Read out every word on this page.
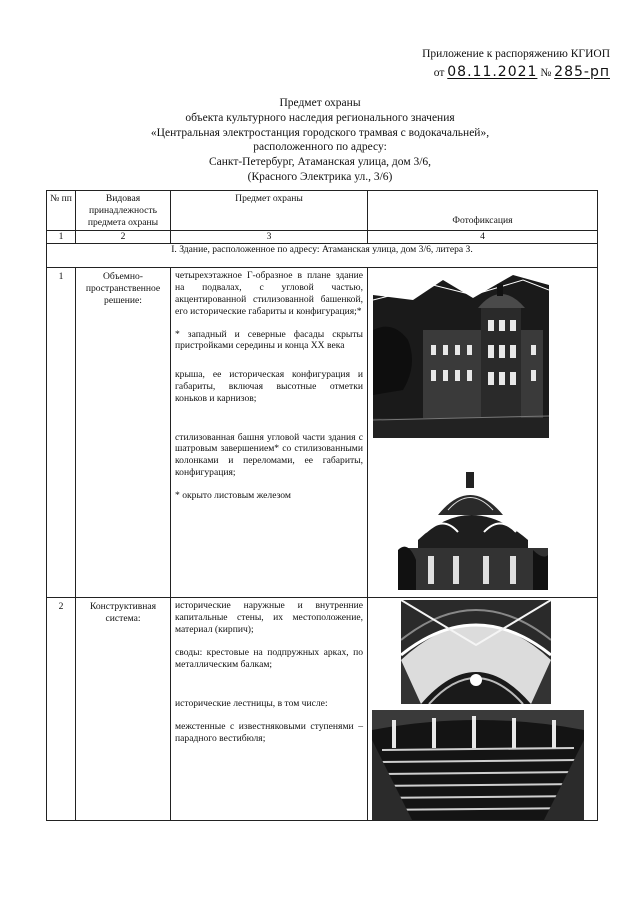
Приложение к распоряжению КГИОП
от 08.11.2021 № 285-рп
Предмет охраны
объекта культурного наследия регионального значения
«Центральная электростанция городского трамвая с водокачальней»,
расположенного по адресу:
Санкт-Петербург, Атаманская улица, дом 3/6,
(Красного Электрика ул., 3/6)
№ пп	Видовая принадлежность предмета охраны	Предмет охраны	Фотофиксация
1	2	3	4
I. Здание, расположенное по адресу: Атаманская улица, дом 3/6, литера З.			
1	Объемно-пространственное решение:	четырехэтажное Г-образное в плане здание на подвалах, с угловой частью, акцентированной стилизованной башенкой, его исторические габариты и конфигурация;*

* западный и северные фасады скрыты пристройками середины и конца XX века

крыша, ее историческая конфигурация и габариты, включая высотные отметки коньков и карнизов;

стилизованная башня угловой части здания с шатровым завершением* со стилизованными колонками и переломами, ее габариты, конфигурация;

* окрыто листовым железом

2	Конструктивная система:	исторические наружные и внутренние капитальные стены, их местоположение, материал (кирпич);

своды: крестовые на подпружных арках, по металлическим балкам;

исторические лестницы, в том числе:

межстенные с известняковыми ступенями – парадного вестибюля;
